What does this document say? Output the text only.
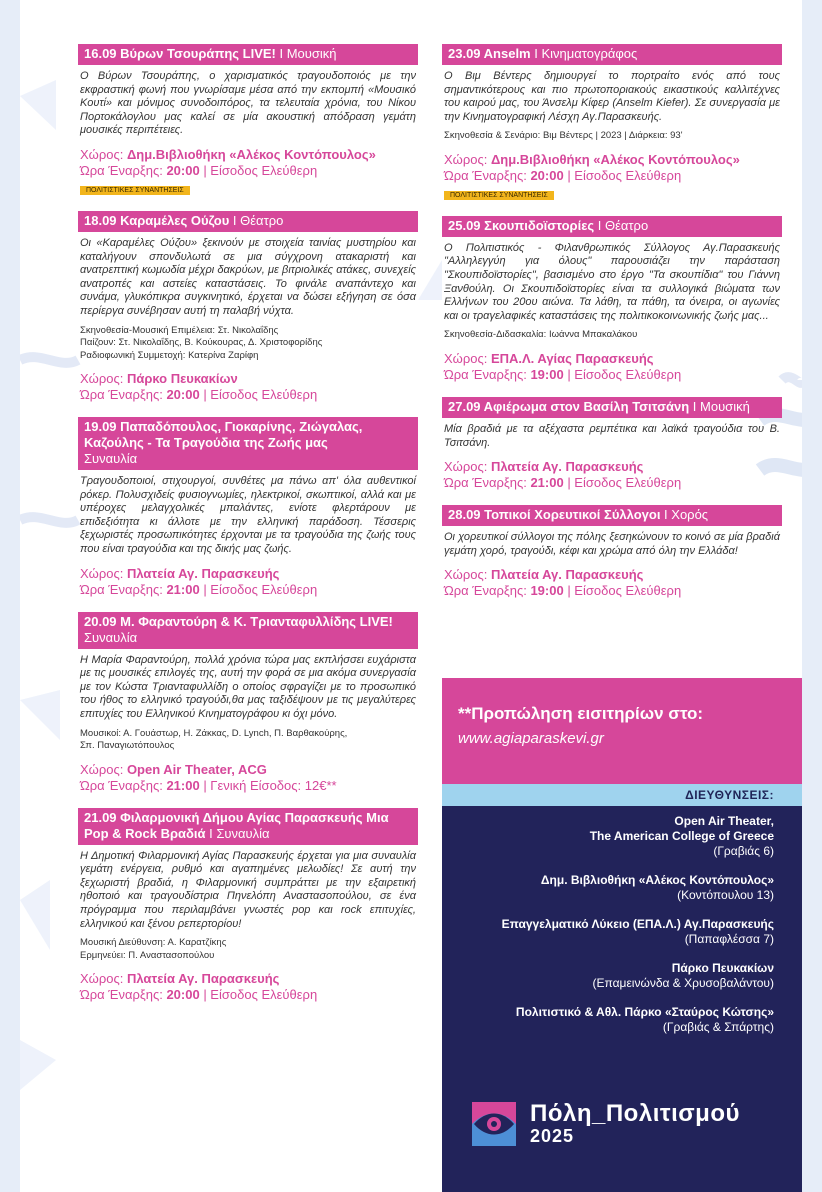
16.09 Βύρων Τσουράπης LIVE! I Μουσική
Ο Βύρων Τσουράπης, ο χαρισματικός τραγουδοποιός με την εκφραστική φωνή που γνωρίσαμε μέσα από την εκπομπή «Μουσικό Κουτί» και μόνιμος συνοδοιπόρος, τα τελευταία χρόνια, του Νίκου Πορτοκάλογλου μας καλεί σε μία ακουστική απόδραση γεμάτη μουσικές περιπέτειες.
Χώρος: Δημ.Βιβλιοθήκη «Αλέκος Κοντόπουλος»
Ώρα Έναρξης: 20:00 | Είσοδος Ελεύθερη
ΠΟΛΙΤΙΣΤΙΚΕΣ ΣΥΝΑΝΤΗΣΕΙΣ
18.09 Καραμέλες Ούζου I Θέατρο
Οι «Καραμέλες Ούζου» ξεκινούν με στοιχεία ταινίας μυστηρίου και καταλήγουν σπονδυλωτά σε μια σύγχρονη ατακαριστή και ανατρεπτική κωμωδία μέχρι δακρύων, με βιτριολικές ατάκες, συνεχείς ανατροπές και αστείες καταστάσεις. Το φινάλε αναπάντεχο και συνάμα, γλυκόπικρα συγκινητικό, έρχεται να δώσει εξήγηση σε όσα περίεργα συνέβησαν αυτή τη παλαβή νύχτα.
Σκηνοθεσία-Μουσική Επιμέλεια: Στ. Νικολαΐδης
Παίζουν: Στ. Νικολαΐδης, Β. Κούκουρας, Δ. Χριστοφορίδης
Ραδιοφωνική Συμμετοχή: Κατερίνα Ζαρίφη
Χώρος: Πάρκο Πευκακίων
Ώρα Έναρξης: 20:00 | Είσοδος Ελεύθερη
19.09 Παπαδόπουλος, Γιοκαρίνης, Ζιώγαλας, Καζούλης - Τα Τραγούδια της Ζωής μας
Συναυλία
Τραγουδοποιοί, στιχουργοί, συνθέτες μα πάνω απ' όλα αυθεντικοί ρόκερ. Πολυσχιδείς φυσιογνωμίες, ηλεκτρικοί, σκωπτικοί, αλλά και με υπέροχες μελαγχολικές μπαλάντες, ενίοτε φλερτάρουν με επιδεξιότητα κι άλλοτε με την ελληνική παράδοση. Τέσσερις ξεχωριστές προσωπικότητες έρχονται με τα τραγούδια της ζωής τους που είναι τραγούδια και της δικής μας ζωής.
Χώρος: Πλατεία Αγ. Παρασκευής
Ώρα Έναρξης: 21:00 | Είσοδος Ελεύθερη
20.09 Μ. Φαραντούρη & Κ. Τριανταφυλλίδης LIVE!
Συναυλία
Η Μαρία Φαραντούρη, πολλά χρόνια τώρα μας εκπλήσσει ευχάριστα με τις μουσικές επιλογές της, αυτή την φορά σε μια ακόμα συνεργασία με τον Κώστα Τριανταφυλλίδη ο οποίος σφραγίζει με το προσωπικό του ήθος το ελληνικό τραγούδι,θα μας ταξιδέψουν με τις μεγαλύτερες επιτυχίες του Ελληνικού Κινηματογράφου κι όχι μόνο.
Μουσικοί: Α. Γουάστωρ, Η. Ζάκκας, D. Lynch, Π. Βαρθακούρης,
Σπ. Παναγιωτόπουλος
Χώρος: Open Air Theater, ACG
Ώρα Έναρξης: 21:00 | Γενική Είσοδος: 12€**
21.09 Φιλαρμονική Δήμου Αγίας Παρασκευής Μια Pop & Rock Βραδιά I Συναυλία
Η Δημοτική Φιλαρμονική Αγίας Παρασκευής έρχεται για μια συναυλία γεμάτη ενέργεια, ρυθμό και αγαπημένες μελωδίες! Σε αυτή την ξεχωριστή βραδιά, η Φιλαρμονική συμπράττει με την εξαιρετική ηθοποιό και τραγουδίστρια Πηνελόπη Αναστασοπούλου, σε ένα πρόγραμμα που περιλαμβάνει γνωστές pop και rock επιτυχίες, ελληνικού και ξένου ρεπερτορίου!
Μουσική Διεύθυνση: Α. Καρατζίκης
Ερμηνεύει: Π. Αναστασοπούλου
Χώρος: Πλατεία Αγ. Παρασκευής
Ώρα Έναρξης: 20:00 | Είσοδος Ελεύθερη
23.09 Anselm I Κινηματογράφος
Ο Βιμ Βέντερς δημιουργεί το πορτραίτο ενός από τους σημαντικότερους και πιο πρωτοποριακούς εικαστικούς καλλιτέχνες του καιρού μας, του Άνσελμ Κίφερ (Anselm Kiefer). Σε συνεργασία με την Κινηματογραφική Λέσχη Αγ.Παρασκευής.
Σκηνοθεσία & Σενάριο: Βιμ Βέντερς | 2023 | Διάρκεια: 93'
Χώρος: Δημ.Βιβλιοθήκη «Αλέκος Κοντόπουλος»
Ώρα Έναρξης: 20:00 | Είσοδος Ελεύθερη
ΠΟΛΙΤΙΣΤΙΚΕΣ ΣΥΝΑΝΤΗΣΕΙΣ
25.09 Σκουπιδοϊστορίες I Θέατρο
Ο Πολιτιστικός - Φιλανθρωπικός Σύλλογος Αγ.Παρασκευής "Αλληλεγγύη για όλους" παρουσιάζει την παράσταση "Σκουπιδοϊστορίες", βασισμένο στο έργο "Τα σκουπίδια" του Γιάννη Ξανθούλη. Οι Σκουπιδοϊστορίες είναι τα συλλογικά βιώματα των Ελλήνων του 20ου αιώνα. Τα λάθη, τα πάθη, τα όνειρα, οι αγωνίες και οι τραγελαφικές καταστάσεις της πολιτικοκοινωνικής ζωής μας...
Σκηνοθεσία-Διδασκαλία: Ιωάννα Μπακαλάκου
Χώρος: ΕΠΑ.Λ. Αγίας Παρασκευής
Ώρα Έναρξης: 19:00 | Είσοδος Ελεύθερη
27.09 Αφιέρωμα στον Βασίλη Τσιτσάνη I Μουσική
Μία βραδιά με τα αξέχαστα ρεμπέτικα και λαϊκά τραγούδια του Β. Τσιτσάνη.
Χώρος: Πλατεία Αγ. Παρασκευής
Ώρα Έναρξης: 21:00 | Είσοδος Ελεύθερη
28.09 Τοπικοί Χορευτικοί Σύλλογοι I Χορός
Οι χορευτικοί σύλλογοι της πόλης ξεσηκώνουν το κοινό σε μία βραδιά γεμάτη χορό, τραγούδι, κέφι και χρώμα από όλη την Ελλάδα!
Χώρος: Πλατεία Αγ. Παρασκευής
Ώρα Έναρξης: 19:00 | Είσοδος Ελεύθερη
**Προπώληση εισιτηρίων στο:
www.agiaparaskevi.gr
ΔΙΕΥΘΥΝΣΕΙΣ:
Open Air Theater,
The American College of Greece
(Γραβιάς 6)
Δημ. Βιβλιοθήκη «Αλέκος Κοντόπουλος»
(Κοντόπουλου 13)
Επαγγελματικό Λύκειο (ΕΠΑ.Λ.) Αγ.Παρασκευής
(Παπαφλέσσα 7)
Πάρκο Πευκακίων
(Επαμεινώνδα & Χρυσοβαλάντου)
Πολιτιστικό & Αθλ. Πάρκο «Σταύρος Κώτσης»
(Γραβιάς & Σπάρτης)
Πόλη_Πολιτισμού
2025
